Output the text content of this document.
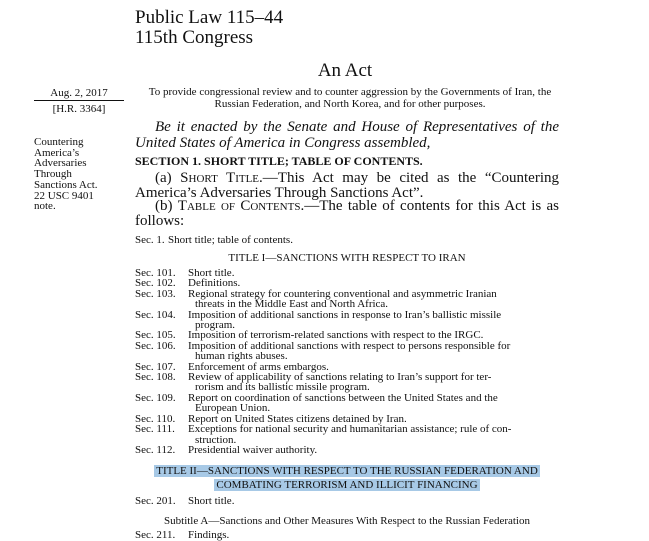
Public Law 115–44
115th Congress
An Act
Aug. 2, 2017
[H.R. 3364]
To provide congressional review and to counter aggression by the Governments of Iran, the Russian Federation, and North Korea, and for other purposes.
Countering
America’s
Adversaries
Through
Sanctions Act.
22 USC 9401
note.
Be it enacted by the Senate and House of Representatives of the United States of America in Congress assembled,
SECTION 1. SHORT TITLE; TABLE OF CONTENTS.
(a) Short Title.—This Act may be cited as the “Countering America’s Adversaries Through Sanctions Act”.
(b) Table of Contents.—The table of contents for this Act is as follows:
Sec. 1. Short title; table of contents.
TITLE I—SANCTIONS WITH RESPECT TO IRAN
Sec. 101. Short title.
Sec. 102. Definitions.
Sec. 103. Regional strategy for countering conventional and asymmetric Iranian
threats in the Middle East and North Africa.
Sec. 104. Imposition of additional sanctions in response to Iran’s ballistic missile
program.
Sec. 105. Imposition of terrorism-related sanctions with respect to the IRGC.
Sec. 106. Imposition of additional sanctions with respect to persons responsible for
human rights abuses.
Sec. 107. Enforcement of arms embargos.
Sec. 108. Review of applicability of sanctions relating to Iran’s support for ter-
rorism and its ballistic missile program.
Sec. 109. Report on coordination of sanctions between the United States and the
European Union.
Sec. 110. Report on United States citizens detained by Iran.
Sec. 111. Exceptions for national security and humanitarian assistance; rule of con-
struction.
Sec. 112. Presidential waiver authority.
TITLE II—SANCTIONS WITH RESPECT TO THE RUSSIAN FEDERATION AND
COMBATING TERRORISM AND ILLICIT FINANCING
Sec. 201. Short title.
Subtitle A—Sanctions and Other Measures With Respect to the Russian Federation
Sec. 211. Findings.
